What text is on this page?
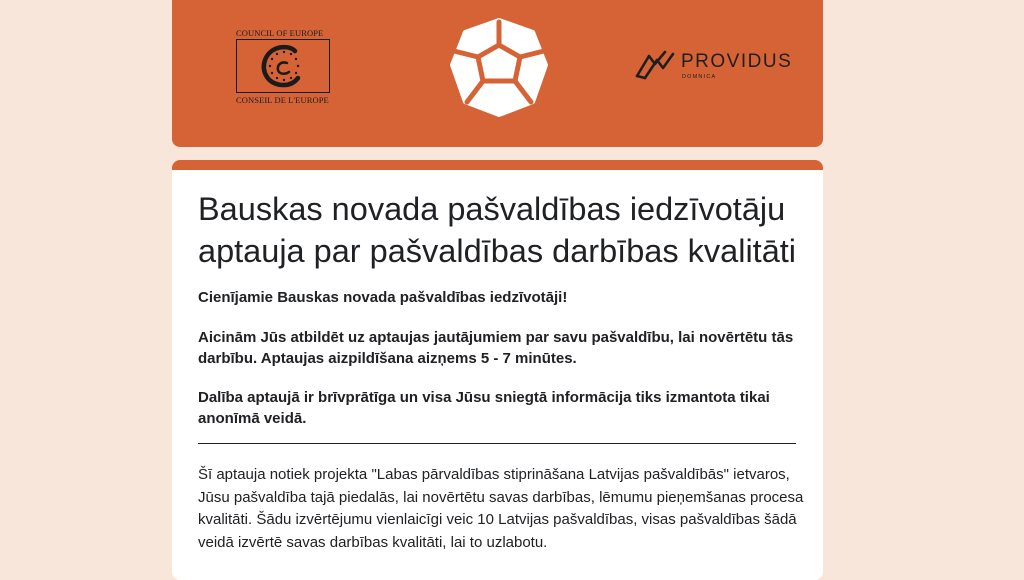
COUNCIL OF EUROPE
CONSEIL DE L'EUROPE
PROVIDUS
DOMNICA
Bauskas novada pašvaldības iedzīvotāju aptauja par pašvaldības darbības kvalitāti

Cienījamie Bauskas novada pašvaldības iedzīvotāji!

Aicinām Jūs atbildēt uz aptaujas jautājumiem par savu pašvaldību, lai novērtētu tās darbību. Aptaujas aizpildīšana aizņems 5 - 7 minūtes.

Dalība aptaujā ir brīvprātīga un visa Jūsu sniegtā informācija tiks izmantota tikai anonīmā veidā.

Šī aptauja notiek projekta "Labas pārvaldības stiprināšana Latvijas pašvaldībās" ietvaros, Jūsu pašvaldība tajā piedalās, lai novērtētu savas darbības, lēmumu pieņemšanas procesa kvalitāti. Šādu izvērtējumu vienlaicīgi veic 10 Latvijas pašvaldības, visas pašvaldības šādā veidā izvērtē savas darbības kvalitāti, lai to uzlabotu.
